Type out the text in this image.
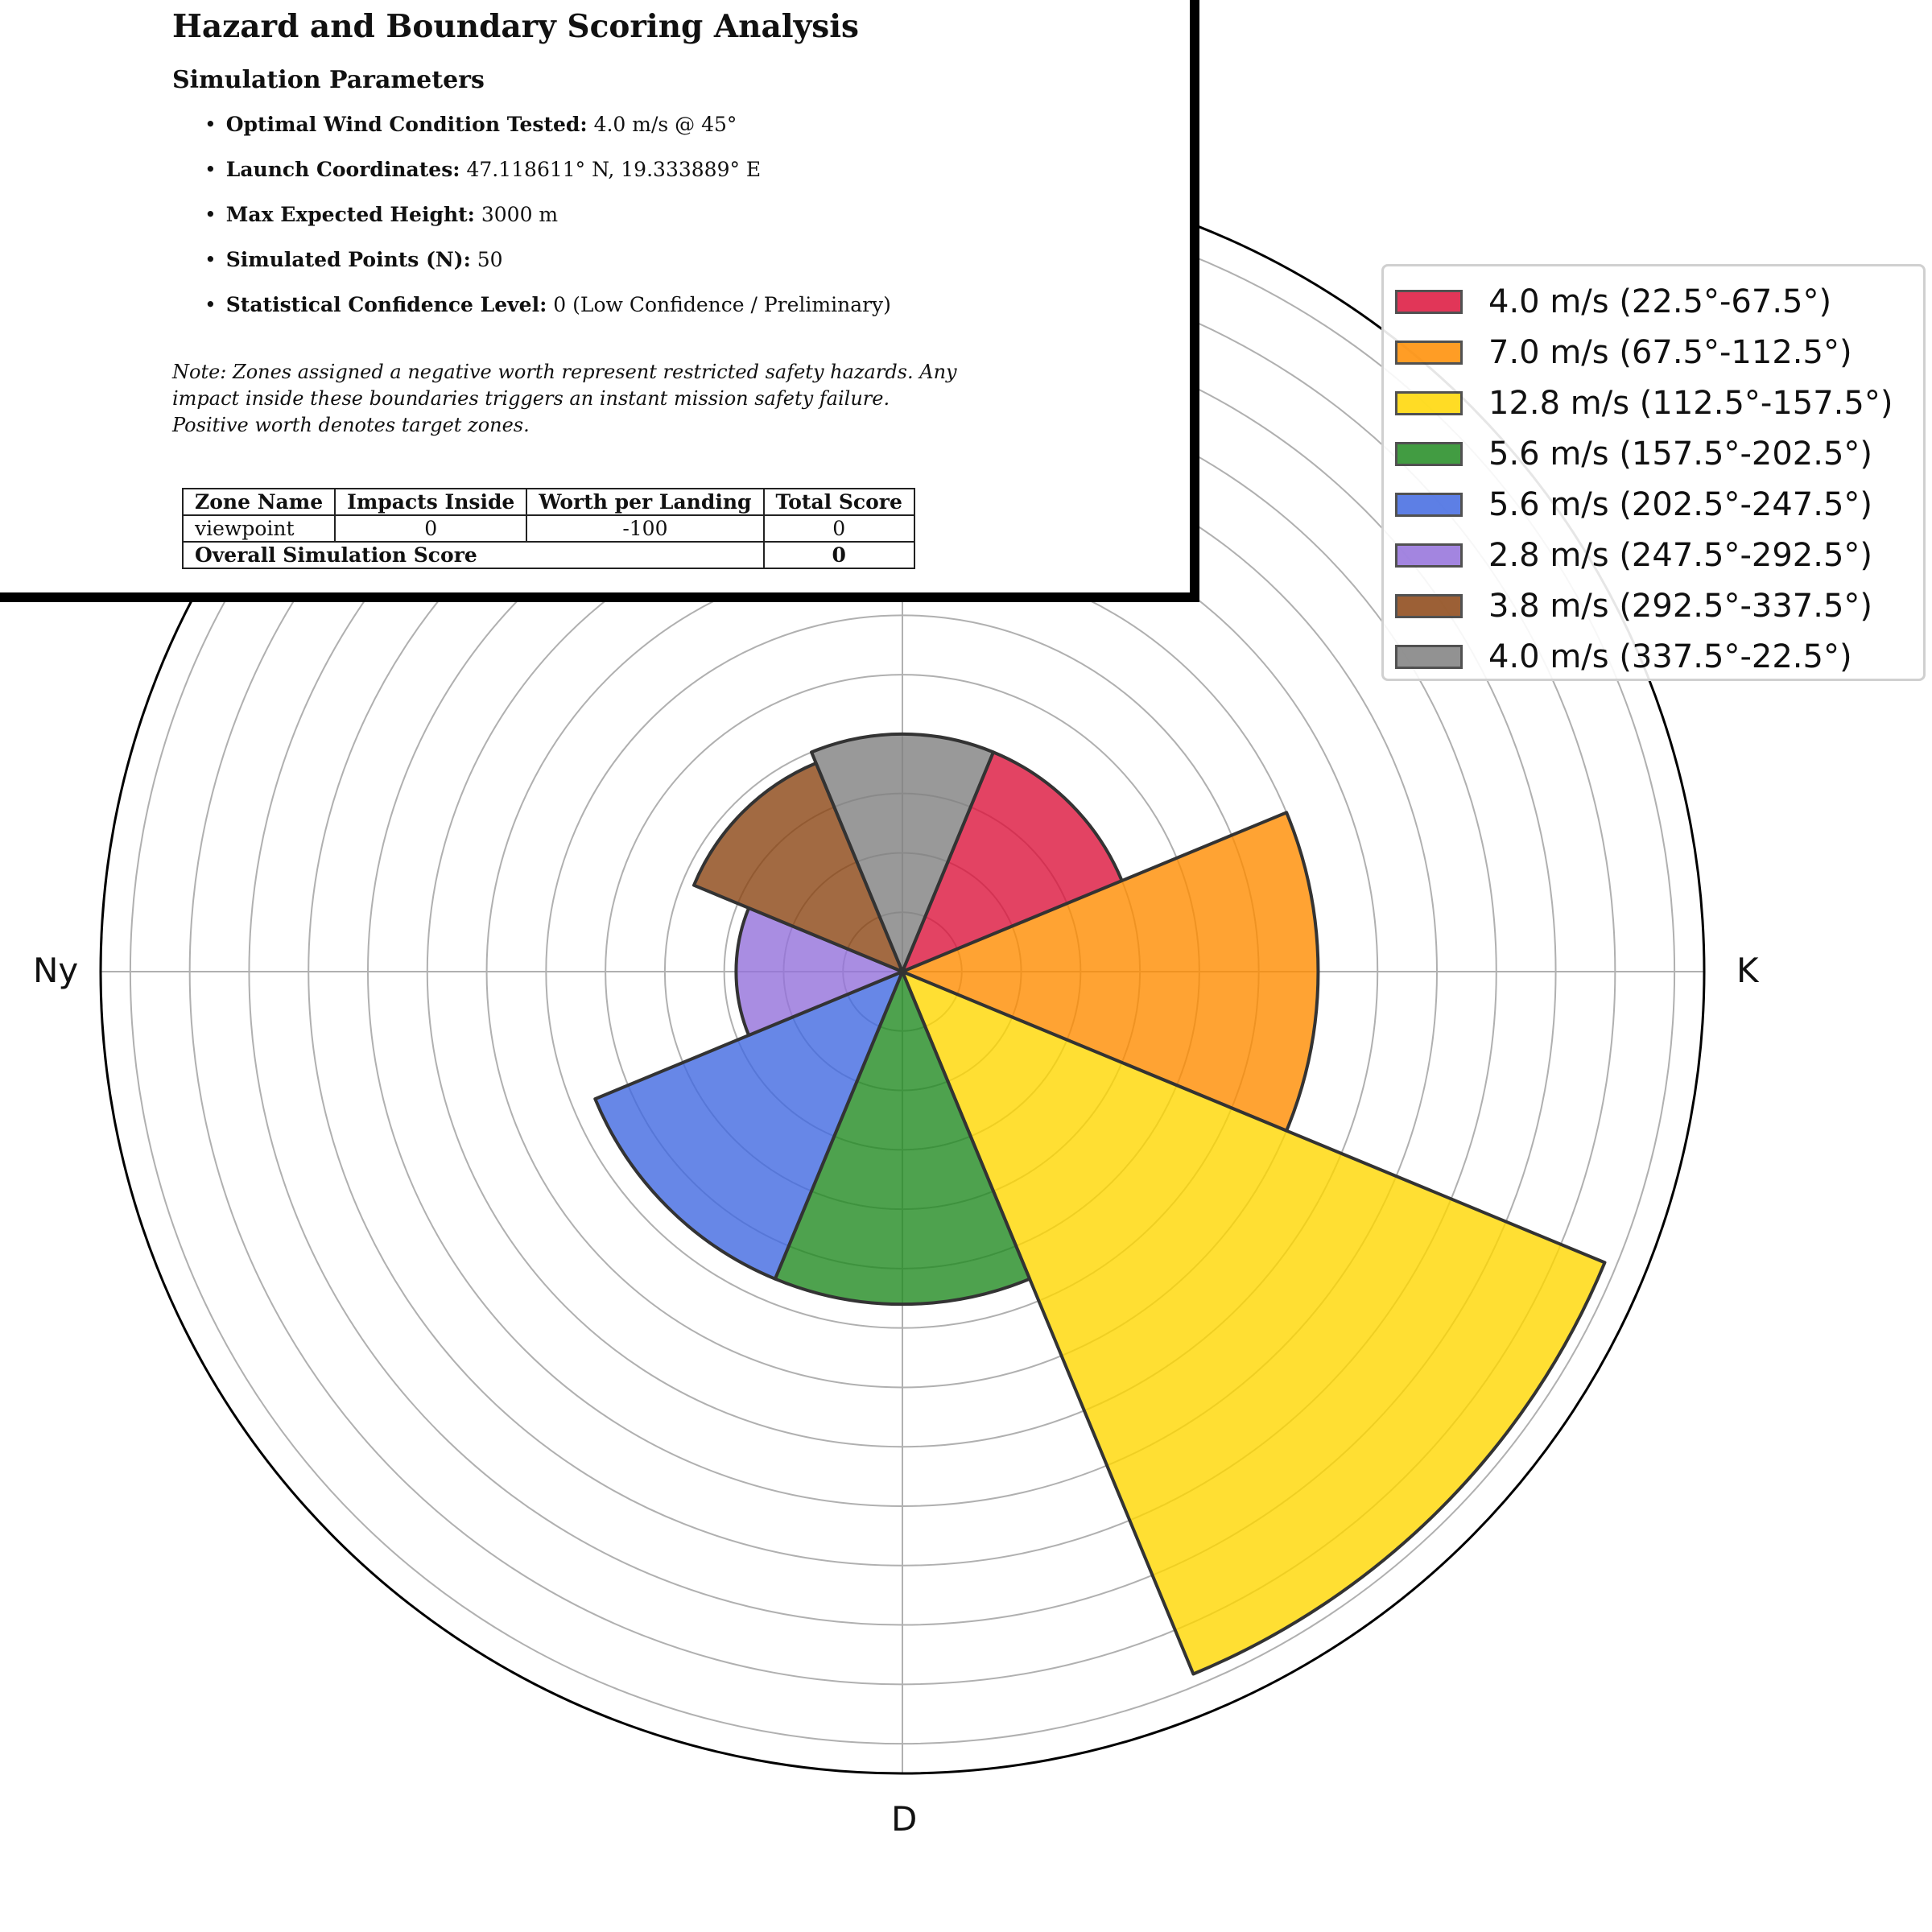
K
D
Ny
4.0 m/s (22.5°-67.5°)
7.0 m/s (67.5°-112.5°)
12.8 m/s (112.5°-157.5°)
5.6 m/s (157.5°-202.5°)
5.6 m/s (202.5°-247.5°)
2.8 m/s (247.5°-292.5°)
3.8 m/s (292.5°-337.5°)
4.0 m/s (337.5°-22.5°)
Hazard and Boundary Scoring Analysis
Simulation Parameters
• Optimal Wind Condition Tested: 4.0 m/s @ 45°
• Launch Coordinates: 47.118611° N, 19.333889° E
• Max Expected Height: 3000 m
• Simulated Points (N): 50
• Statistical Confidence Level: 0 (Low Confidence / Preliminary)

Note: Zones assigned a negative worth represent restricted safety hazards. Any impact inside these boundaries triggers an instant mission safety failure. Positive worth denotes target zones.

Zone Name	Impacts Inside	Worth per Landing	Total Score
viewpoint	0	-100	0
Overall Simulation Score			0
